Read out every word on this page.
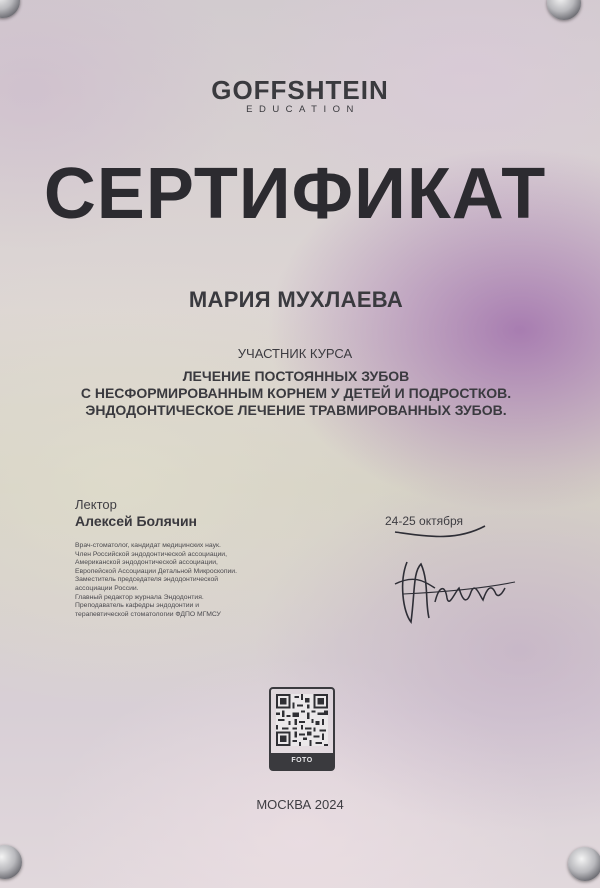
GOFFSHTEIN
EDUCATION
СЕРТИФИКАТ
МАРИЯ МУХЛАЕВА
УЧАСТНИК КУРСА
ЛЕЧЕНИЕ ПОСТОЯННЫХ ЗУБОВ
С НЕСФОРМИРОВАННЫМ КОРНЕМ У ДЕТЕЙ И ПОДРОСТКОВ.
ЭНДОДОНТИЧЕСКОЕ ЛЕЧЕНИЕ ТРАВМИРОВАННЫХ ЗУБОВ.
Лектор
Алексей Болячин	24-25 октября
Врач-стоматолог, кандидат медицинских наук.
Член Российской эндодонтической ассоциации,
Американской эндодонтической ассоциации,
Европейской Ассоциации Детальной Микроскопии.
Заместитель председателя эндодонтической
ассоциации России.
Главный редактор журнала Эндодонтия.
Преподаватель кафедры эндодонтии и
терапевтической стоматологии ФДПО МГМСУ
FOTO
МОСКВА 2024
